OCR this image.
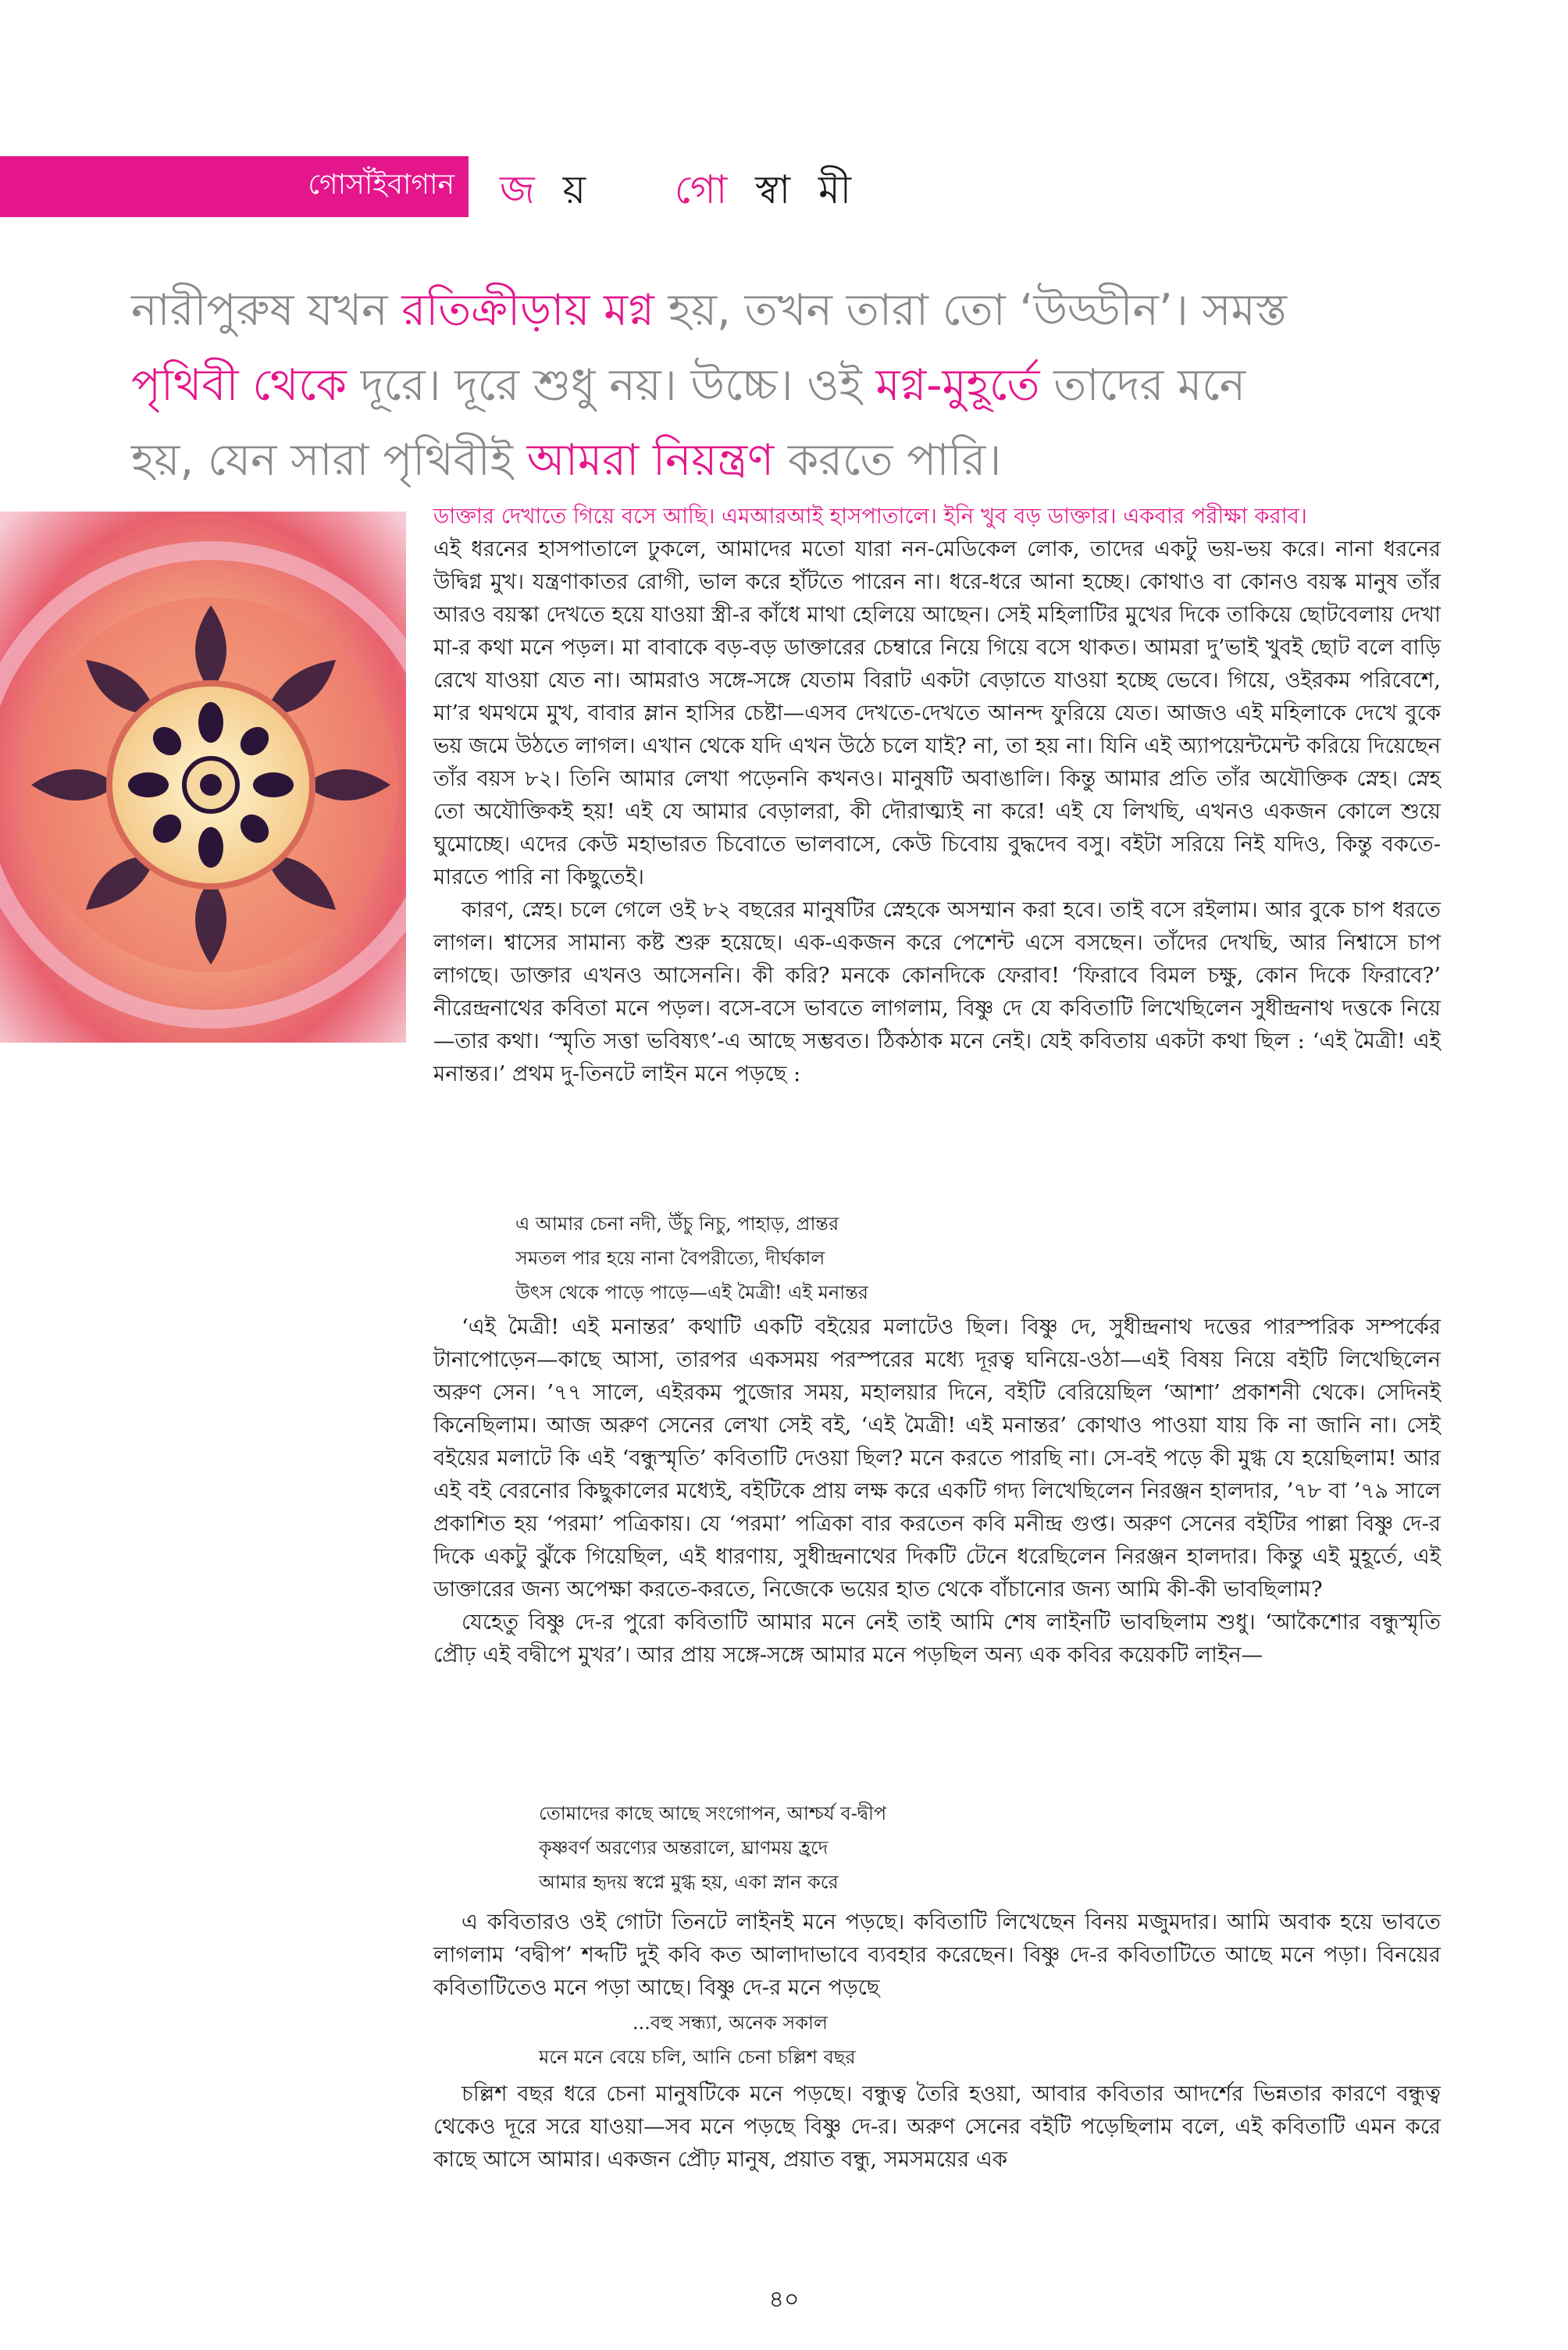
গোসাঁইবাগান	জ য় গো স্বা মী
নারীপুরুষ যখন রতিক্রীড়ায় মগ্ন হয়, তখন তারা তো ‘উড্ডীন’। সমস্ত
পৃথিবী থেকে দূরে। দূরে শুধু নয়। উচ্চে। ওই মগ্ন-মুহূর্তে তাদের মনে
হয়, যেন সারা পৃথিবীই আমরা নিয়ন্ত্রণ করতে পারি।

ডাক্তার দেখাতে গিয়ে বসে আছি। এমআরআই হাসপাতালে। ইনি খুব বড় ডাক্তার। একবার পরীক্ষা করাব।

এই ধরনের হাসপাতালে ঢুকলে, আমাদের মতো যারা নন-মেডিকেল লোক, তাদের একটু ভয়-ভয় করে। নানা ধরনের উদ্বিগ্ন মুখ। যন্ত্রণাকাতর রোগী, ভাল করে হাঁটতে পারেন না। ধরে-ধরে আনা হচ্ছে। কোথাও বা কোনও বয়স্ক মানুষ তাঁর আরও বয়স্কা দেখতে হয়ে যাওয়া স্ত্রী-র কাঁধে মাথা হেলিয়ে আছেন। সেই মহিলাটির মুখের দিকে তাকিয়ে ছোটবেলায় দেখা মা-র কথা মনে পড়ল। মা বাবাকে বড়-বড় ডাক্তারের চেম্বারে নিয়ে গিয়ে বসে থাকত। আমরা দু’ভাই খুবই ছোট বলে বাড়ি রেখে যাওয়া যেত না। আমরাও সঙ্গে-সঙ্গে যেতাম বিরাট একটা বেড়াতে যাওয়া হচ্ছে ভেবে। গিয়ে, ওইরকম পরিবেশে, মা’র থমথমে মুখ, বাবার ম্লান হাসির চেষ্টা—এসব দেখতে-দেখতে আনন্দ ফুরিয়ে যেত। আজও এই মহিলাকে দেখে বুকে ভয় জমে উঠতে লাগল। এখান থেকে যদি এখন উঠে চলে যাই? না, তা হয় না। যিনি এই অ্যাপয়েন্টমেন্ট করিয়ে দিয়েছেন তাঁর বয়স ৮২। তিনি আমার লেখা পড়েননি কখনও। মানুষটি অবাঙালি। কিন্তু আমার প্রতি তাঁর অযৌক্তিক স্নেহ। স্নেহ তো অযৌক্তিকই হয়! এই যে আমার বেড়ালরা, কী দৌরাত্ম্যই না করে! এই যে লিখছি, এখনও একজন কোলে শুয়ে ঘুমোচ্ছে। এদের কেউ মহাভারত চিবোতে ভালবাসে, কেউ চিবোয় বুদ্ধদেব বসু। বইটা সরিয়ে নিই যদিও, কিন্তু বকতে-মারতে পারি না কিছুতেই।

কারণ, স্নেহ। চলে গেলে ওই ৮২ বছরের মানুষটির স্নেহকে অসম্মান করা হবে। তাই বসে রইলাম। আর বুকে চাপ ধরতে লাগল। শ্বাসের সামান্য কষ্ট শুরু হয়েছে। এক-একজন করে পেশেন্ট এসে বসছেন। তাঁদের দেখছি, আর নিশ্বাসে চাপ লাগছে। ডাক্তার এখনও আসেননি। কী করি? মনকে কোনদিকে ফেরাব! ‘ফিরাবে বিমল চক্ষু, কোন দিকে ফিরাবে?’ নীরেন্দ্রনাথের কবিতা মনে পড়ল। বসে-বসে ভাবতে লাগলাম, বিষ্ণু দে যে কবিতাটি লিখেছিলেন সুধীন্দ্রনাথ দত্তকে নিয়ে—তার কথা। ‘স্মৃতি সত্তা ভবিষ্যৎ’-এ আছে সম্ভবত। ঠিকঠাক মনে নেই। যেই কবিতায় একটা কথা ছিল : ‘এই মৈত্রী! এই মনান্তর।’ প্রথম দু-তিনটে লাইন মনে পড়ছে :

এ আমার চেনা নদী, উঁচু নিচু, পাহাড়, প্রান্তর
সমতল পার হয়ে নানা বৈপরীত্যে, দীর্ঘকাল
উৎস থেকে পাড়ে পাড়ে—এই মৈত্রী! এই মনান্তর

‘এই মৈত্রী! এই মনান্তর’ কথাটি একটি বইয়ের মলাটেও ছিল। বিষ্ণু দে, সুধীন্দ্রনাথ দত্তের পারস্পরিক সম্পর্কের টানাপোড়েন—কাছে আসা, তারপর একসময় পরস্পরের মধ্যে দূরত্ব ঘনিয়ে-ওঠা—এই বিষয় নিয়ে বইটি লিখেছিলেন অরুণ সেন। ’৭৭ সালে, এইরকম পুজোর সময়, মহালয়ার দিনে, বইটি বেরিয়েছিল ‘আশা’ প্রকাশনী থেকে। সেদিনই কিনেছিলাম। আজ অরুণ সেনের লেখা সেই বই, ‘এই মৈত্রী! এই মনান্তর’ কোথাও পাওয়া যায় কি না জানি না। সেই বইয়ের মলাটে কি এই ‘বন্ধুস্মৃতি’ কবিতাটি দেওয়া ছিল? মনে করতে পারছি না। সে-বই পড়ে কী মুগ্ধ যে হয়েছিলাম! আর এই বই বেরনোর কিছুকালের মধ্যেই, বইটিকে প্রায় লক্ষ করে একটি গদ্য লিখেছিলেন নিরঞ্জন হালদার, ’৭৮ বা ’৭৯ সালে প্রকাশিত হয় ‘পরমা’ পত্রিকায়। যে ‘পরমা’ পত্রিকা বার করতেন কবি মনীন্দ্র গুপ্ত। অরুণ সেনের বইটির পাল্লা বিষ্ণু দে-র দিকে একটু ঝুঁকে গিয়েছিল, এই ধারণায়, সুধীন্দ্রনাথের দিকটি টেনে ধরেছিলেন নিরঞ্জন হালদার। কিন্তু এই মুহূর্তে, এই ডাক্তারের জন্য অপেক্ষা করতে-করতে, নিজেকে ভয়ের হাত থেকে বাঁচানোর জন্য আমি কী-কী ভাবছিলাম?

যেহেতু বিষ্ণু দে-র পুরো কবিতাটি আমার মনে নেই তাই আমি শেষ লাইনটি ভাবছিলাম শুধু। ‘আকৈশোর বন্ধুস্মৃতি প্রৌঢ় এই বদ্বীপে মুখর’। আর প্রায় সঙ্গে-সঙ্গে আমার মনে পড়ছিল অন্য এক কবির কয়েকটি লাইন—

তোমাদের কাছে আছে সংগোপন, আশ্চর্য ব-দ্বীপ
কৃষ্ণবর্ণ অরণ্যের অন্তরালে, ঘ্রাণময় হ্রদে
আমার হৃদয় স্বপ্নে মুগ্ধ হয়, একা স্নান করে

এ কবিতারও ওই গোটা তিনটে লাইনই মনে পড়ছে। কবিতাটি লিখেছেন বিনয় মজুমদার। আমি অবাক হয়ে ভাবতে লাগলাম ‘বদ্বীপ’ শব্দটি দুই কবি কত আলাদাভাবে ব্যবহার করেছেন। বিষ্ণু দে-র কবিতাটিতে আছে মনে পড়া। বিনয়ের কবিতাটিতেও মনে পড়া আছে। বিষ্ণু দে-র মনে পড়ছে

...বহু সন্ধ্যা, অনেক সকাল
মনে মনে বেয়ে চলি, আনি চেনা চল্লিশ বছর

চল্লিশ বছর ধরে চেনা মানুষটিকে মনে পড়ছে। বন্ধুত্ব তৈরি হওয়া, আবার কবিতার আদর্শের ভিন্নতার কারণে বন্ধুত্ব থেকেও দূরে সরে যাওয়া—সব মনে পড়ছে বিষ্ণু দে-র। অরুণ সেনের বইটি পড়েছিলাম বলে, এই কবিতাটি এমন করে কাছে আসে আমার। একজন প্রৌঢ় মানুষ, প্রয়াত বন্ধু, সমসময়ের এক

৪০
